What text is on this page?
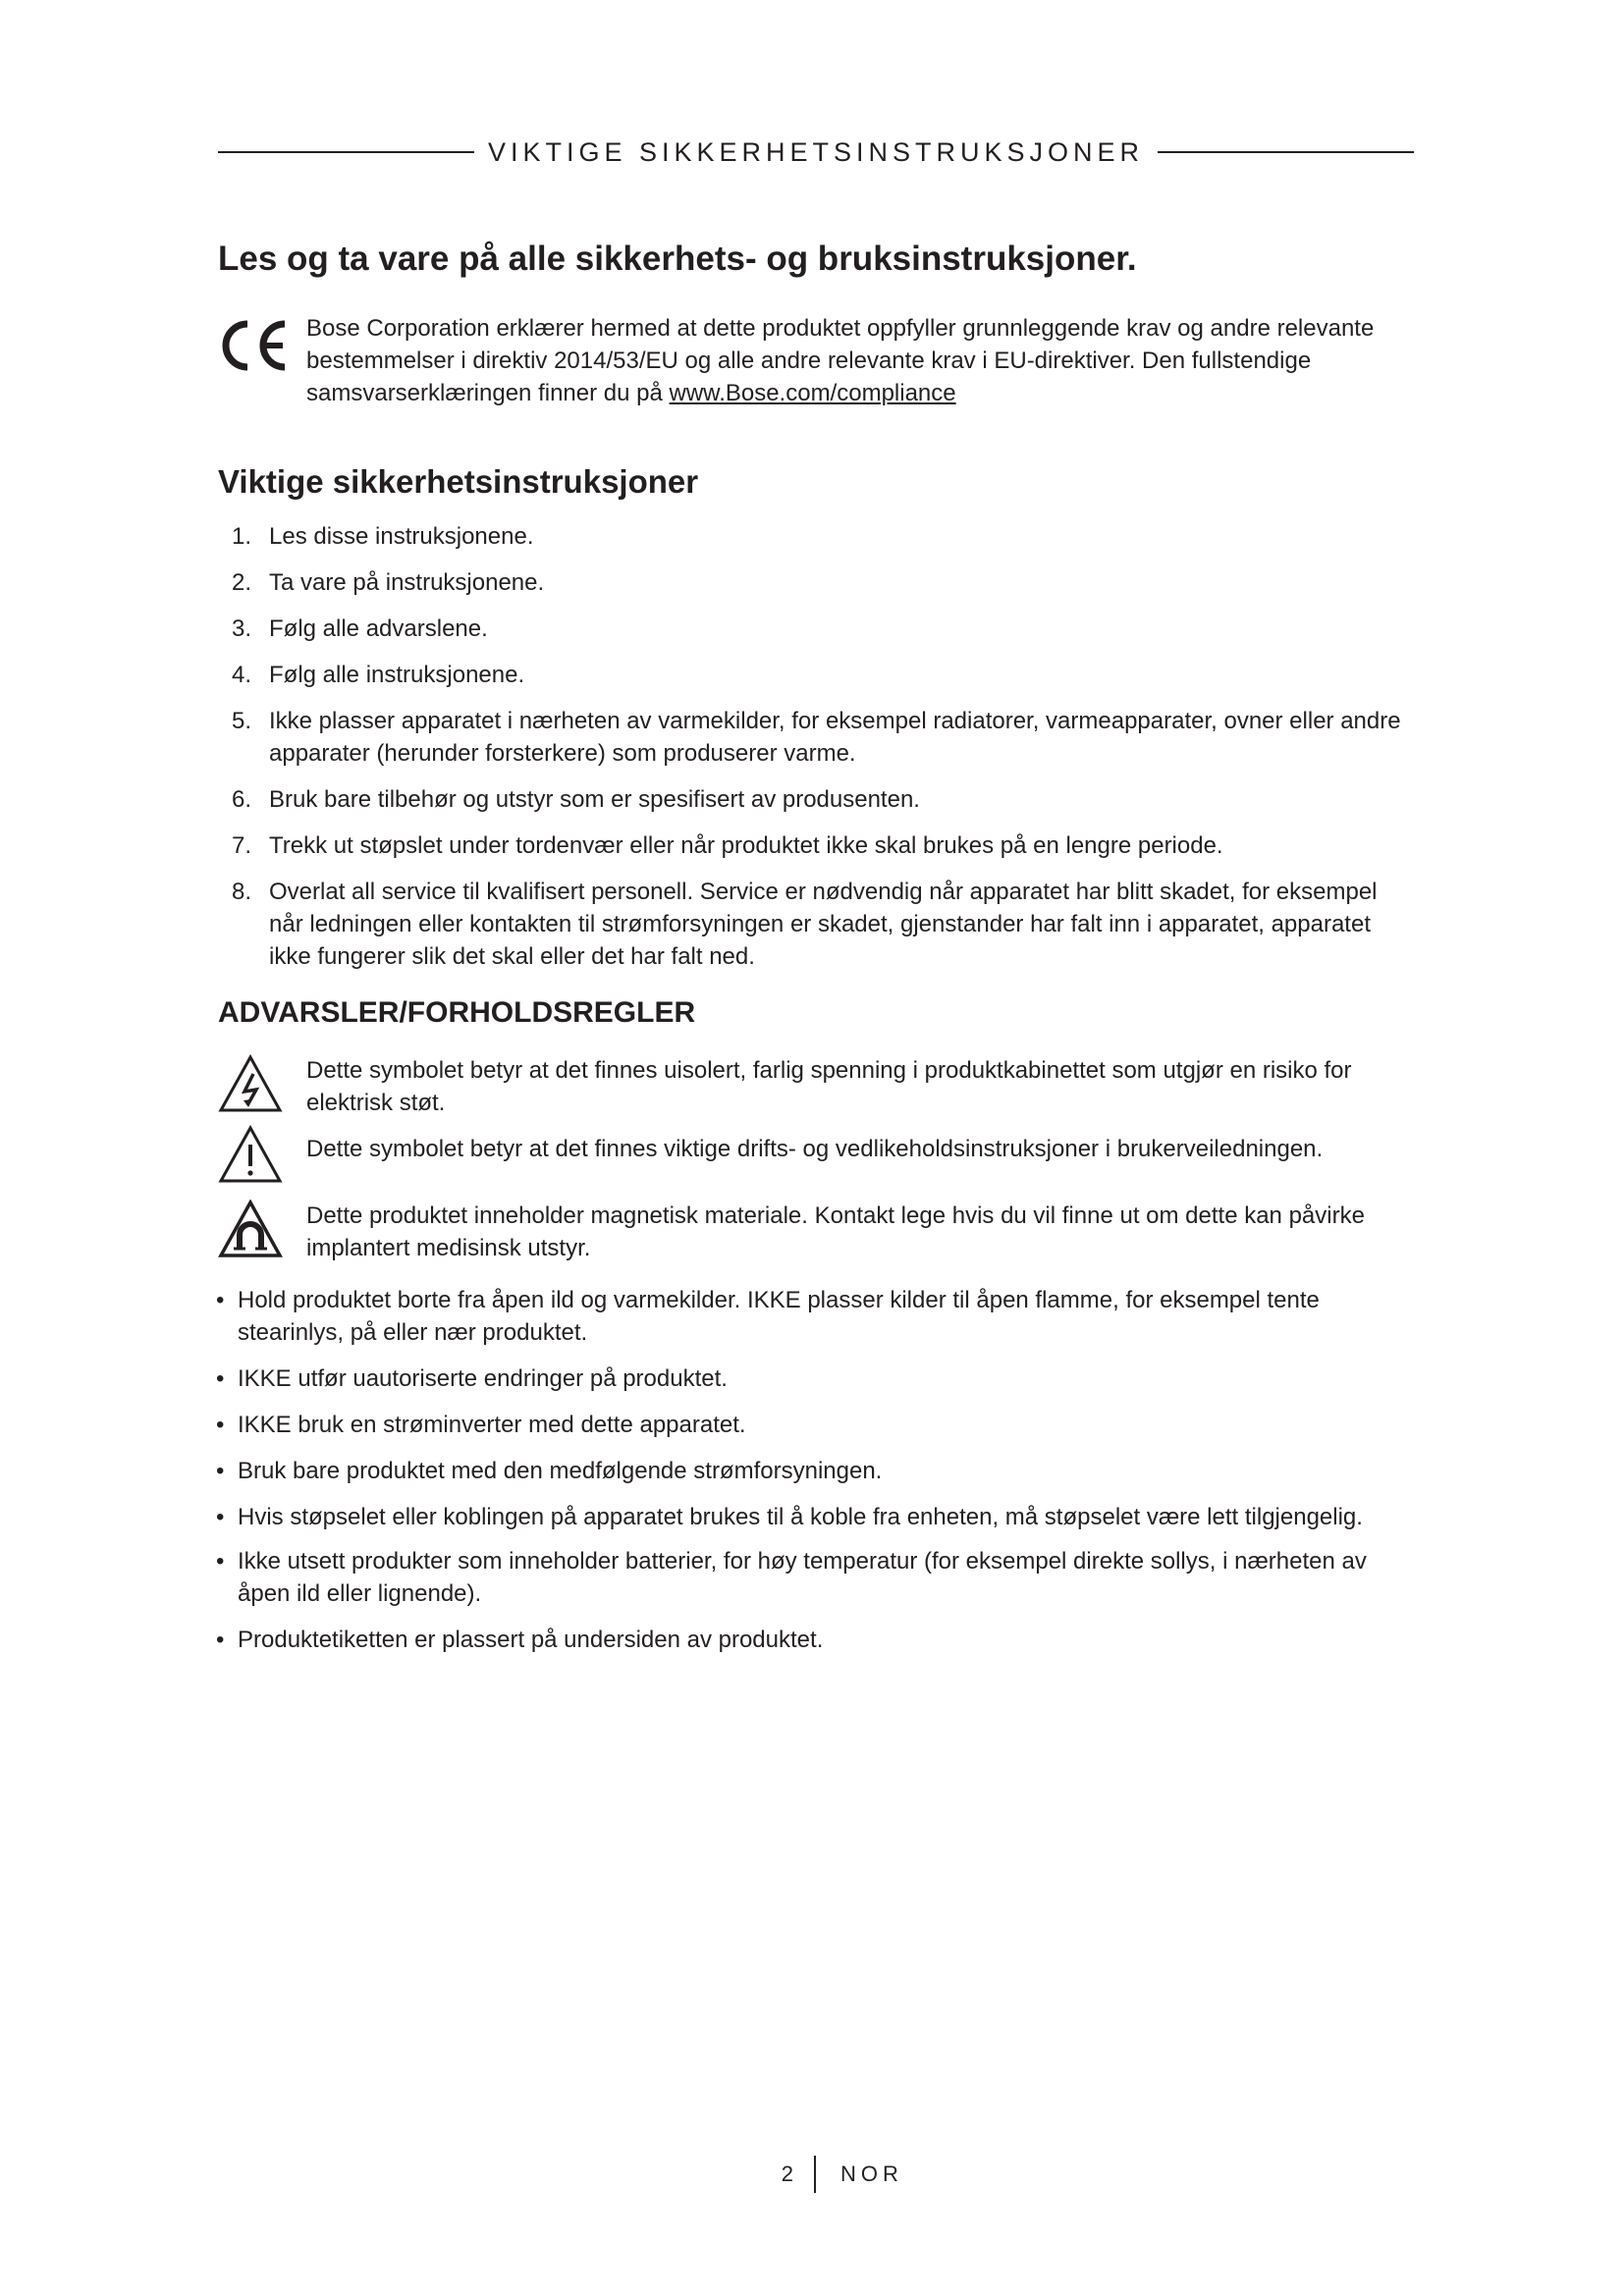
VIKTIGE SIKKERHETSINSTRUKSJONER
Les og ta vare på alle sikkerhets- og bruksinstruksjoner.
Bose Corporation erklærer hermed at dette produktet oppfyller grunnleggende krav og andre relevante bestemmelser i direktiv 2014/53/EU og alle andre relevante krav i EU-direktiver. Den fullstendige samsvarserklæringen finner du på www.Bose.com/compliance
Viktige sikkerhetsinstruksjoner
1. Les disse instruksjonene.
2. Ta vare på instruksjonene.
3. Følg alle advarslene.
4. Følg alle instruksjonene.
5. Ikke plasser apparatet i nærheten av varmekilder, for eksempel radiatorer, varmeapparater, ovner eller andre apparater (herunder forsterkere) som produserer varme.
6. Bruk bare tilbehør og utstyr som er spesifisert av produsenten.
7. Trekk ut støpslet under tordenvær eller når produktet ikke skal brukes på en lengre periode.
8. Overlat all service til kvalifisert personell. Service er nødvendig når apparatet har blitt skadet, for eksempel når ledningen eller kontakten til strømforsyningen er skadet, gjenstander har falt inn i apparatet, apparatet ikke fungerer slik det skal eller det har falt ned.
ADVARSLER/FORHOLDSREGLER
Dette symbolet betyr at det finnes uisolert, farlig spenning i produktkabinettet som utgjør en risiko for elektrisk støt.
Dette symbolet betyr at det finnes viktige drifts- og vedlikeholdsinstruksjoner i brukerveiledningen.
Dette produktet inneholder magnetisk materiale. Kontakt lege hvis du vil finne ut om dette kan påvirke implantert medisinsk utstyr.
• Hold produktet borte fra åpen ild og varmekilder. IKKE plasser kilder til åpen flamme, for eksempel tente stearinlys, på eller nær produktet.
• IKKE utfør uautoriserte endringer på produktet.
• IKKE bruk en strøminverter med dette apparatet.
• Bruk bare produktet med den medfølgende strømforsyningen.
• Hvis støpselet eller koblingen på apparatet brukes til å koble fra enheten, må støpselet være lett tilgjengelig.
• Ikke utsett produkter som inneholder batterier, for høy temperatur (for eksempel direkte sollys, i nærheten av åpen ild eller lignende).
• Produktetiketten er plassert på undersiden av produktet.
2 NOR
